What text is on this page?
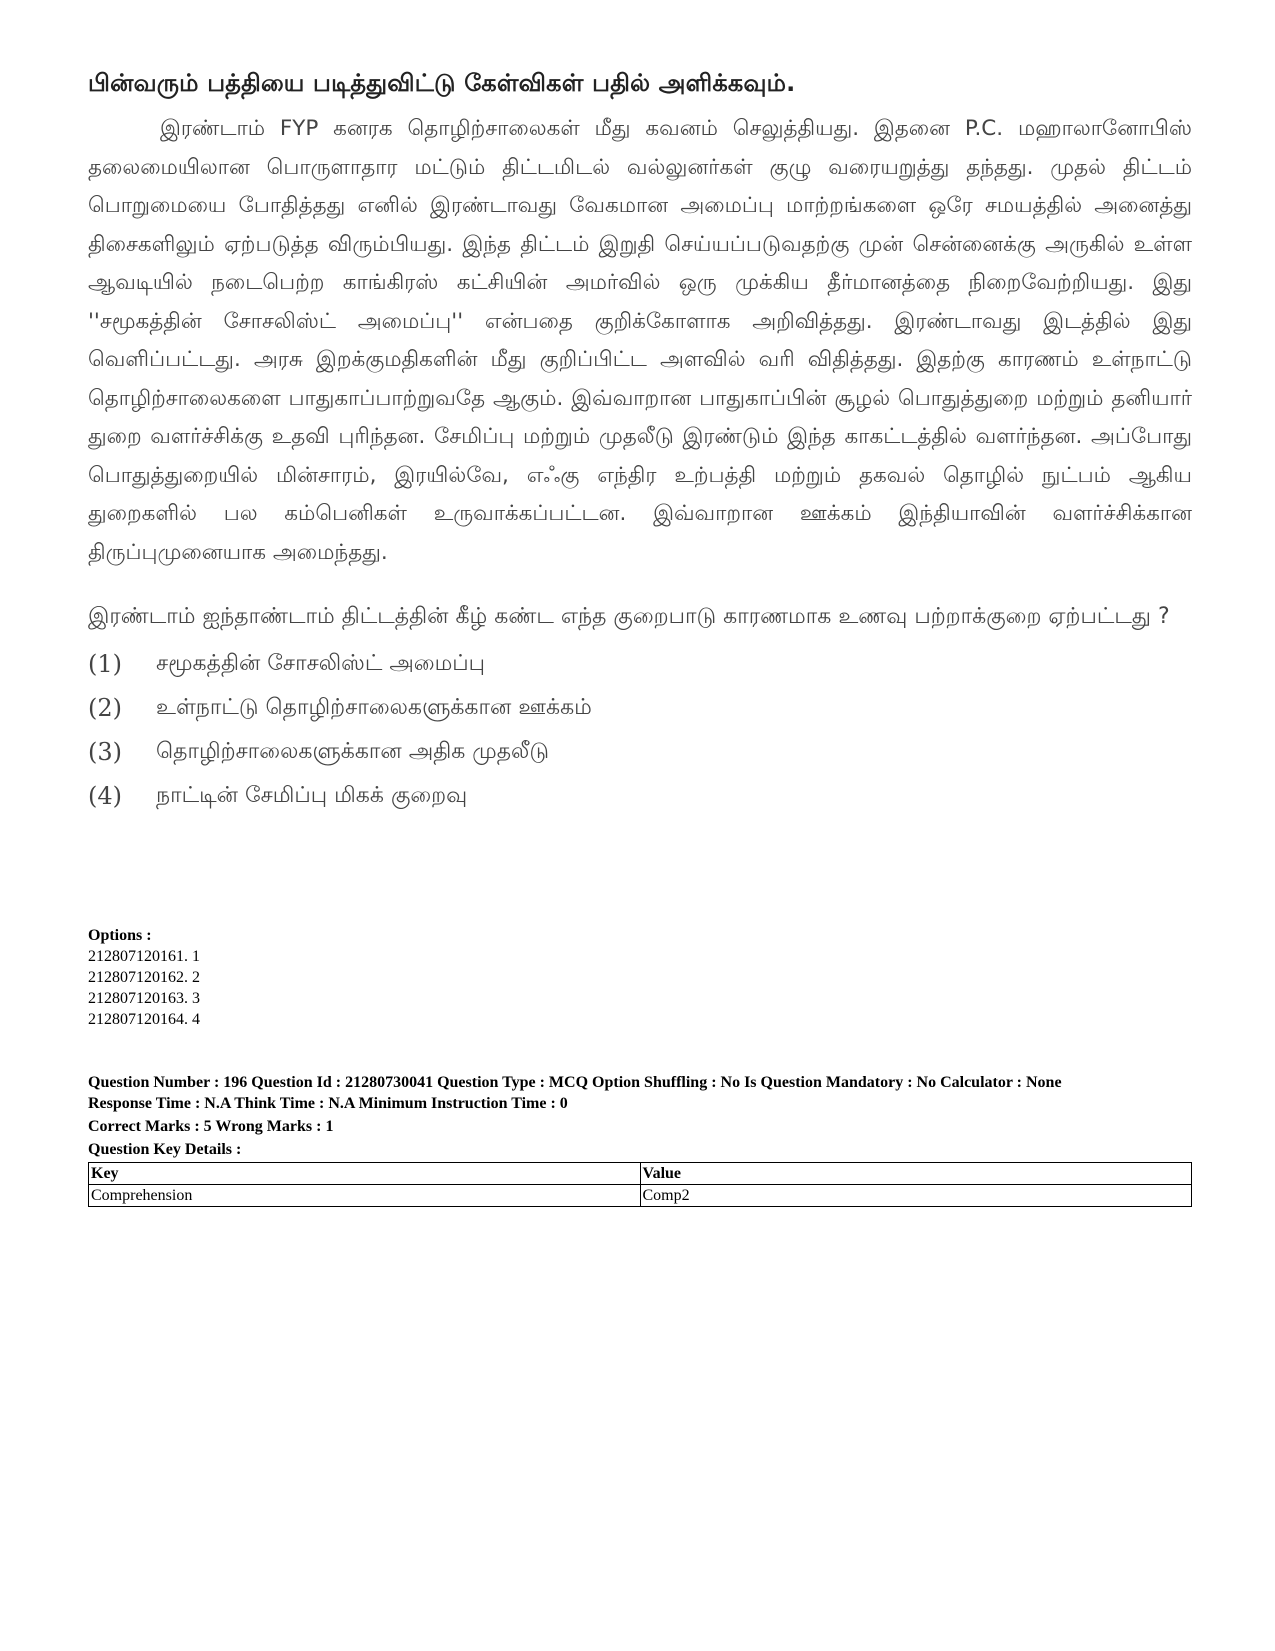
பின்வரும் பத்தியை படித்துவிட்டு கேள்விகள் பதில் அளிக்கவும்.

இரண்டாம் FYP கனரக தொழிற்சாலைகள் மீது கவனம் செலுத்தியது. இதனை P.C. மஹாலானோபிஸ் தலைமையிலான பொருளாதார மட்டும் திட்டமிடல் வல்லுனர்கள் குழு வரையறுத்து தந்தது. முதல் திட்டம் பொறுமையை போதித்தது எனில் இரண்டாவது வேகமான அமைப்பு மாற்றங்களை ஒரே சமயத்தில் அனைத்து திசைகளிலும் ஏற்படுத்த விரும்பியது. இந்த திட்டம் இறுதி செய்யப்படுவதற்கு முன் சென்னைக்கு அருகில் உள்ள ஆவடியில் நடைபெற்ற காங்கிரஸ் கட்சியின் அமர்வில் ஒரு முக்கிய தீர்மானத்தை நிறைவேற்றியது. இது ''சமூகத்தின் சோசலிஸ்ட் அமைப்பு'' என்பதை குறிக்கோளாக அறிவித்தது. இரண்டாவது இடத்தில் இது வெளிப்பட்டது. அரசு இறக்குமதிகளின் மீது குறிப்பிட்ட அளவில் வரி விதித்தது. இதற்கு காரணம் உள்நாட்டு தொழிற்சாலைகளை பாதுகாப்பாற்றுவதே ஆகும். இவ்வாறான பாதுகாப்பின் சூழல் பொதுத்துறை மற்றும் தனியார் துறை வளர்ச்சிக்கு உதவி புரிந்தன. சேமிப்பு மற்றும் முதலீடு இரண்டும் இந்த காகட்டத்தில் வளர்ந்தன. அப்போது பொதுத்துறையில் மின்சாரம், இரயில்வே, எஃகு எந்திர உற்பத்தி மற்றும் தகவல் தொழில் நுட்பம் ஆகிய துறைகளில் பல கம்பெனிகள் உருவாக்கப்பட்டன. இவ்வாறான ஊக்கம் இந்தியாவின் வளர்ச்சிக்கான திருப்புமுனையாக அமைந்தது.

இரண்டாம் ஐந்தாண்டாம் திட்டத்தின் கீழ் கண்ட எந்த குறைபாடு காரணமாக உணவு பற்றாக்குறை ஏற்பட்டது ?
(1)	சமூகத்தின் சோசலிஸ்ட் அமைப்பு
(2)	உள்நாட்டு தொழிற்சாலைகளுக்கான ஊக்கம்
(3)	தொழிற்சாலைகளுக்கான அதிக முதலீடு
(4)	நாட்டின் சேமிப்பு மிகக் குறைவு
Options :
212807120161. 1
212807120162. 2
212807120163. 3
212807120164. 4
Question Number : 196 Question Id : 21280730041 Question Type : MCQ Option Shuffling : No Is Question Mandatory : No Calculator : None
Response Time : N.A Think Time : N.A Minimum Instruction Time : 0
Correct Marks : 5 Wrong Marks : 1
Question Key Details :
Key	Value
Comprehension	Comp2
